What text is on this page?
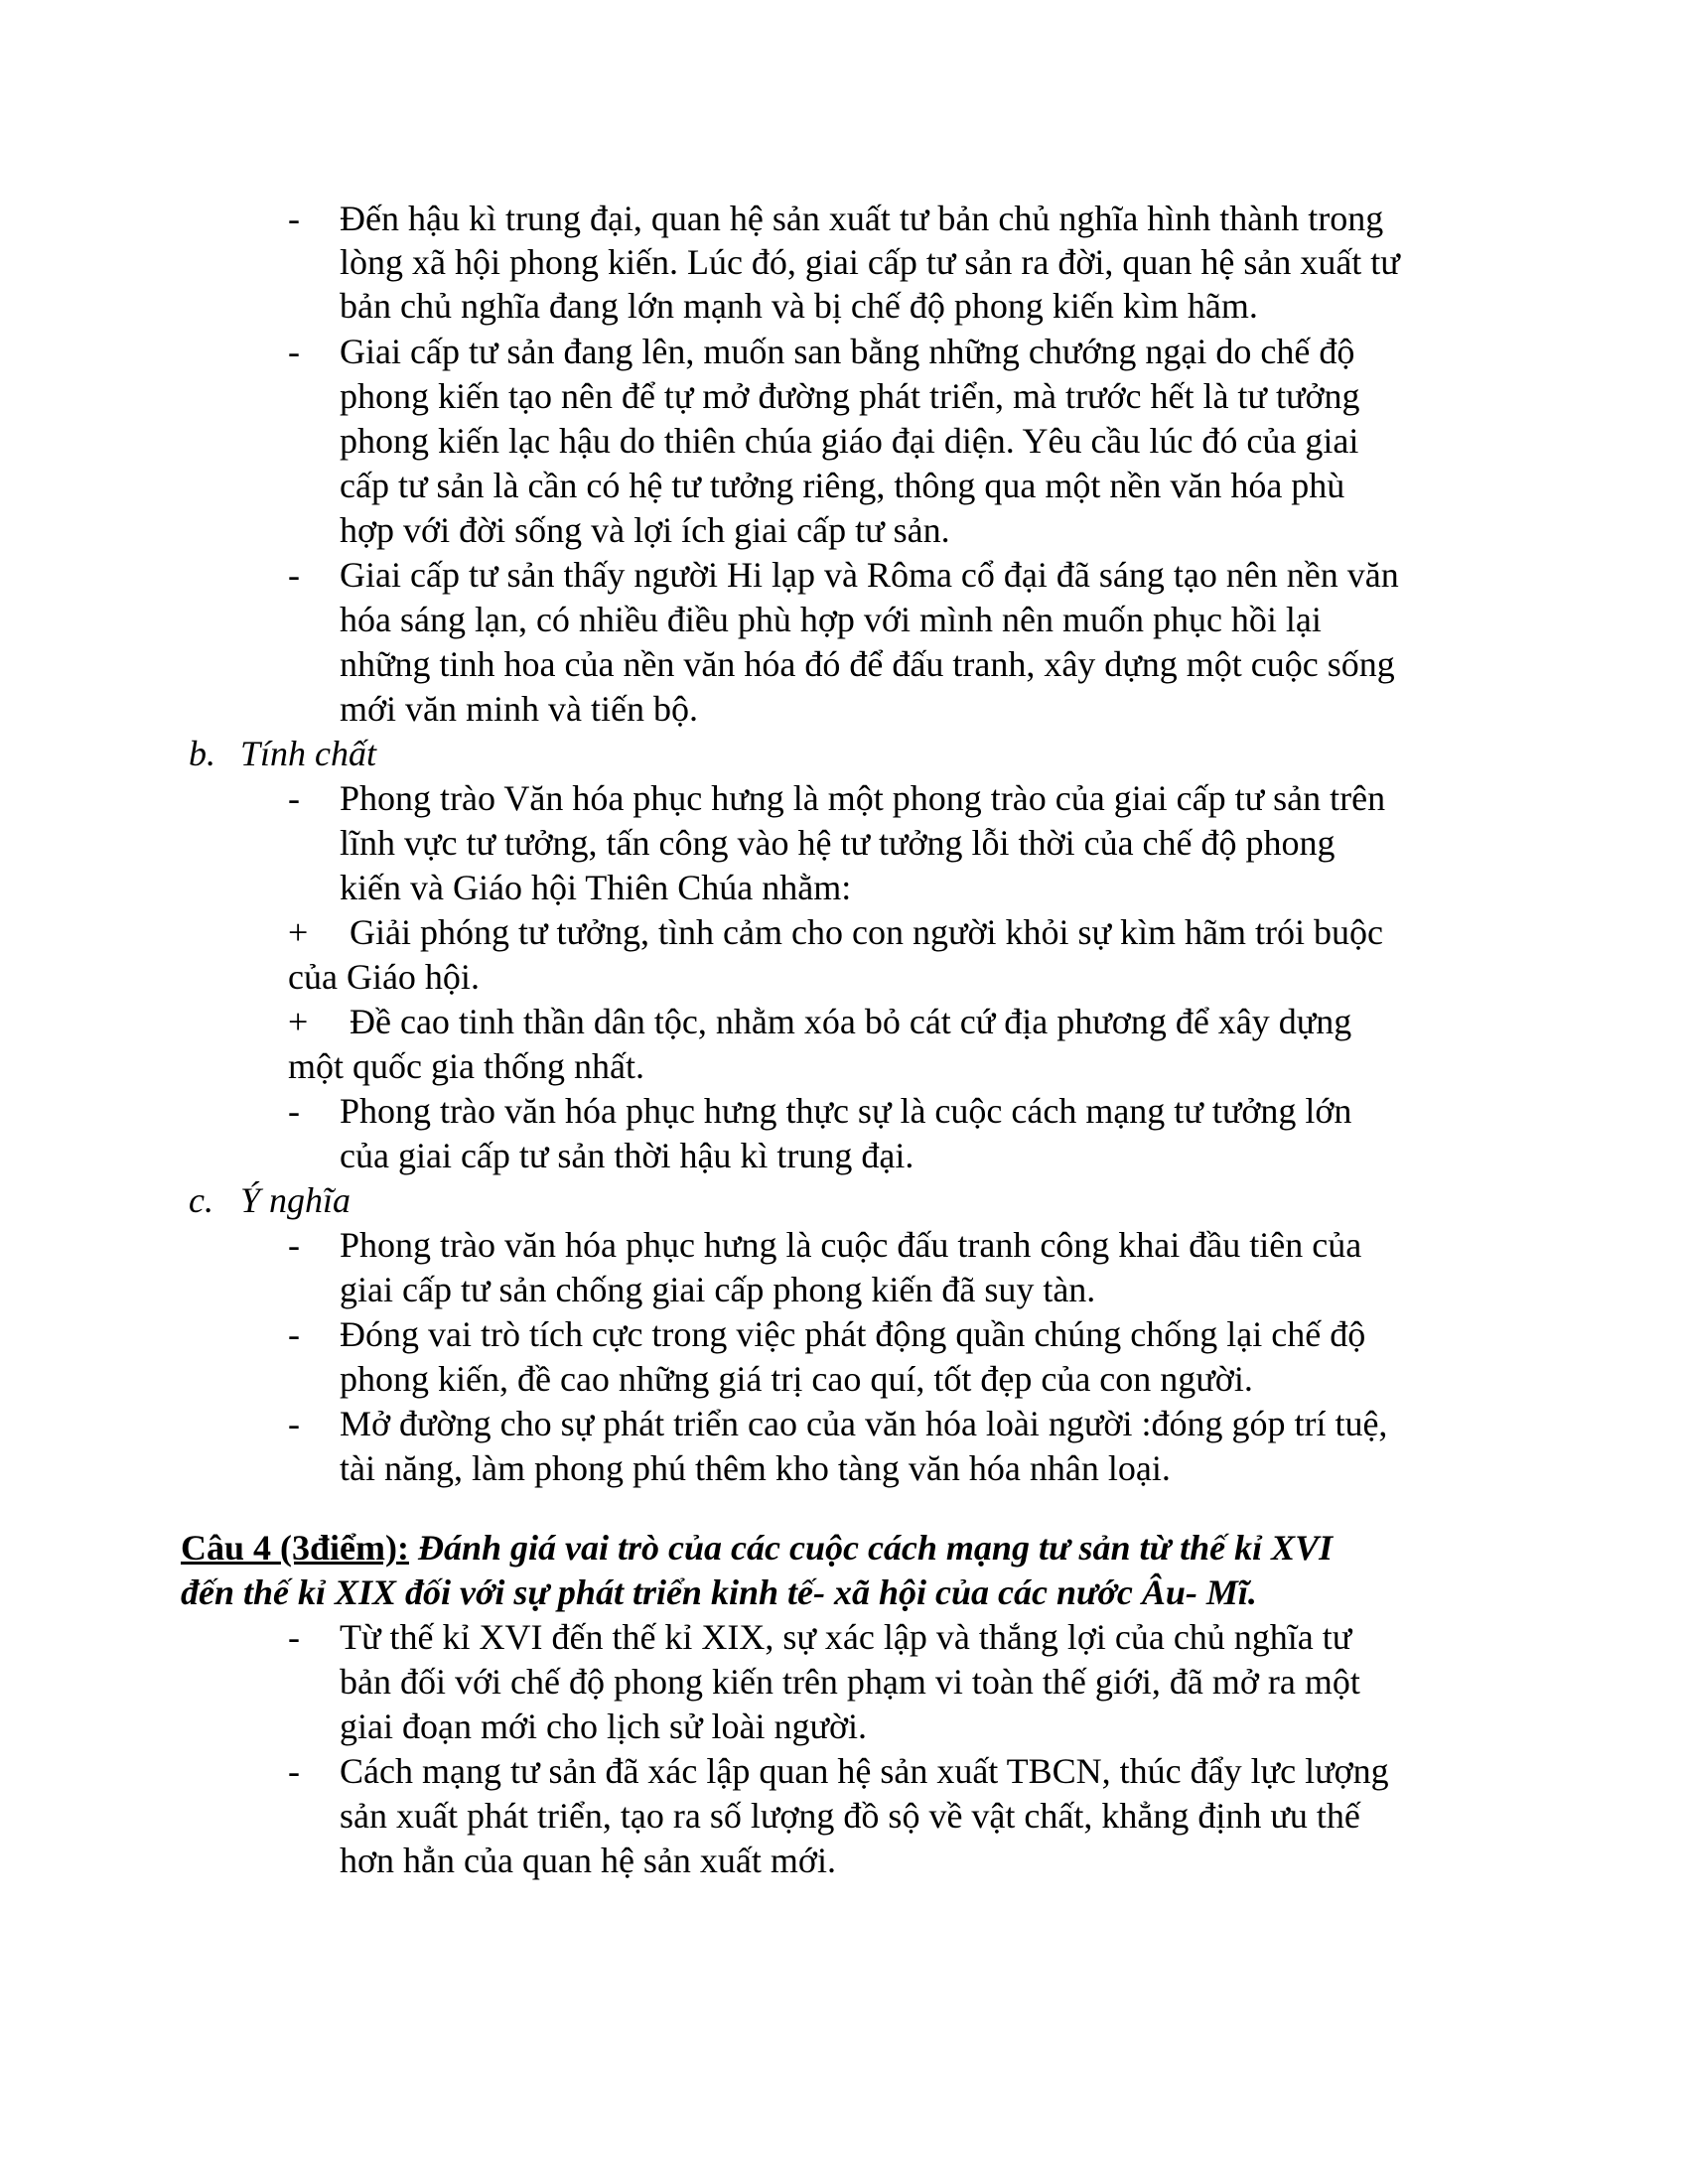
- Đến hậu kì trung đại, quan hệ sản xuất tư bản chủ nghĩa hình thành trong
lòng xã hội phong kiến. Lúc đó, giai cấp tư sản ra đời, quan hệ sản xuất tư
bản chủ nghĩa đang lớn mạnh và bị chế độ phong kiến kìm hãm.
- Giai cấp tư sản đang lên, muốn san bằng những chướng ngại do chế độ
phong kiến tạo nên để tự mở đường phát triển, mà trước hết là tư tưởng
phong kiến lạc hậu do thiên chúa giáo đại diện. Yêu cầu lúc đó của giai
cấp tư sản là cần có hệ tư tưởng riêng, thông qua một nền văn hóa phù
hợp với đời sống và lợi ích giai cấp tư sản.
- Giai cấp tư sản thấy người Hi lạp và Rôma cổ đại đã sáng tạo nên nền văn
hóa sáng lạn, có nhiều điều phù hợp với mình nên muốn phục hồi lại
những tinh hoa của nền văn hóa đó để đấu tranh, xây dựng một cuộc sống
mới văn minh và tiến bộ.
b. Tính chất
- Phong trào Văn hóa phục hưng là một phong trào của giai cấp tư sản trên
lĩnh vực tư tưởng, tấn công vào hệ tư tưởng lỗi thời của chế độ phong
kiến và Giáo hội Thiên Chúa nhằm:
+ Giải phóng tư tưởng, tình cảm cho con người khỏi sự kìm hãm trói buộc
của Giáo hội.
+ Đề cao tinh thần dân tộc, nhằm xóa bỏ cát cứ địa phương để xây dựng
một quốc gia thống nhất.
- Phong trào văn hóa phục hưng thực sự là cuộc cách mạng tư tưởng lớn
của giai cấp tư sản thời hậu kì trung đại.
c. Ý nghĩa
- Phong trào văn hóa phục hưng là cuộc đấu tranh công khai đầu tiên của
giai cấp tư sản chống giai cấp phong kiến đã suy tàn.
- Đóng vai trò tích cực trong việc phát động quần chúng chống lại chế độ
phong kiến, đề cao những giá trị cao quí, tốt đẹp của con người.
- Mở đường cho sự phát triển cao của văn hóa loài người :đóng góp trí tuệ,
tài năng, làm phong phú thêm kho tàng văn hóa nhân loại.
Câu 4 (3điểm): Đánh giá vai trò của các cuộc cách mạng tư sản từ thế kỉ XVI
đến thế kỉ XIX đối với sự phát triển kinh tế- xã hội của các nước Âu- Mĩ.
- Từ thế kỉ XVI đến thế kỉ XIX, sự xác lập và thắng lợi của chủ nghĩa tư
bản đối với chế độ phong kiến trên phạm vi toàn thế giới, đã mở ra một
giai đoạn mới cho lịch sử loài người.
- Cách mạng tư sản đã xác lập quan hệ sản xuất TBCN, thúc đẩy lực lượng
sản xuất phát triển, tạo ra số lượng đồ sộ về vật chất, khẳng định ưu thế
hơn hẳn của quan hệ sản xuất mới.
